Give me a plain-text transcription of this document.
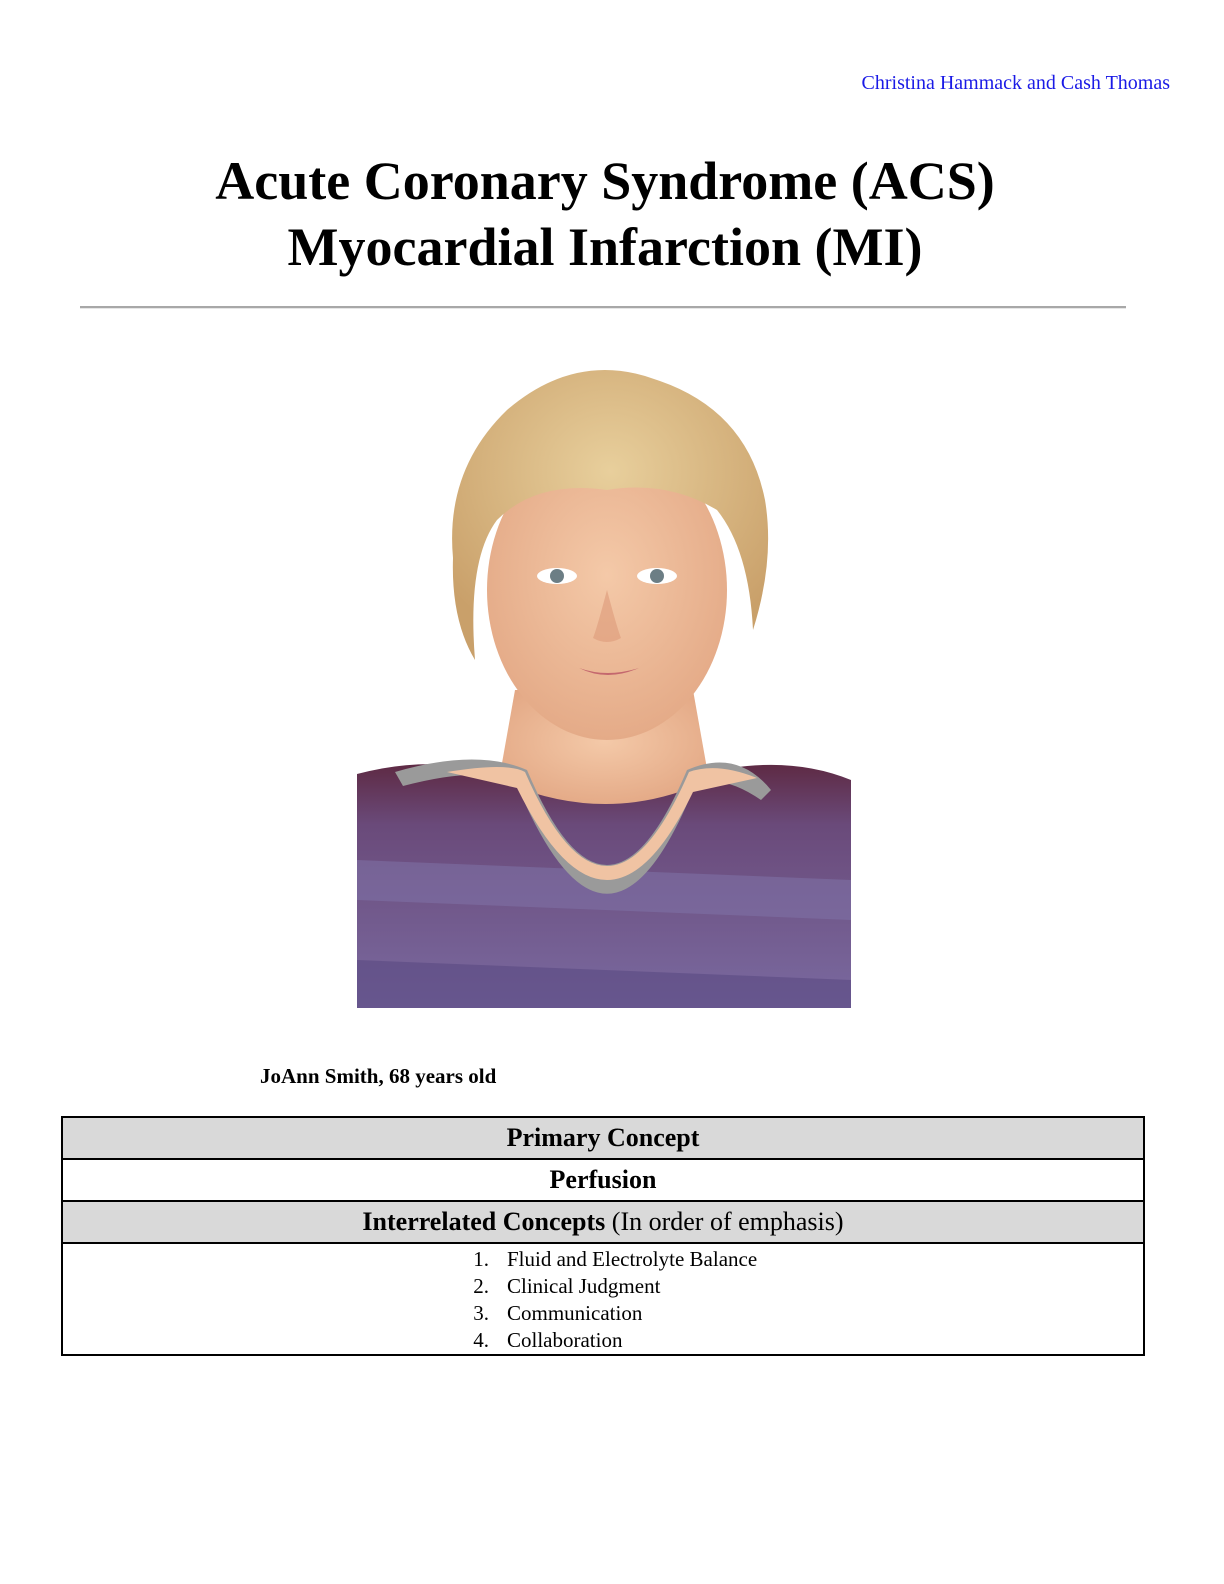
Christina Hammack and Cash Thomas
Acute Coronary Syndrome (ACS)
Myocardial Infarction (MI)
JoAnn Smith, 68 years old
Primary Concept
Perfusion
Interrelated Concepts (In order of emphasis)

1. Fluid and Electrolyte Balance
2. Clinical Judgment
3. Communication
4. Collaboration
